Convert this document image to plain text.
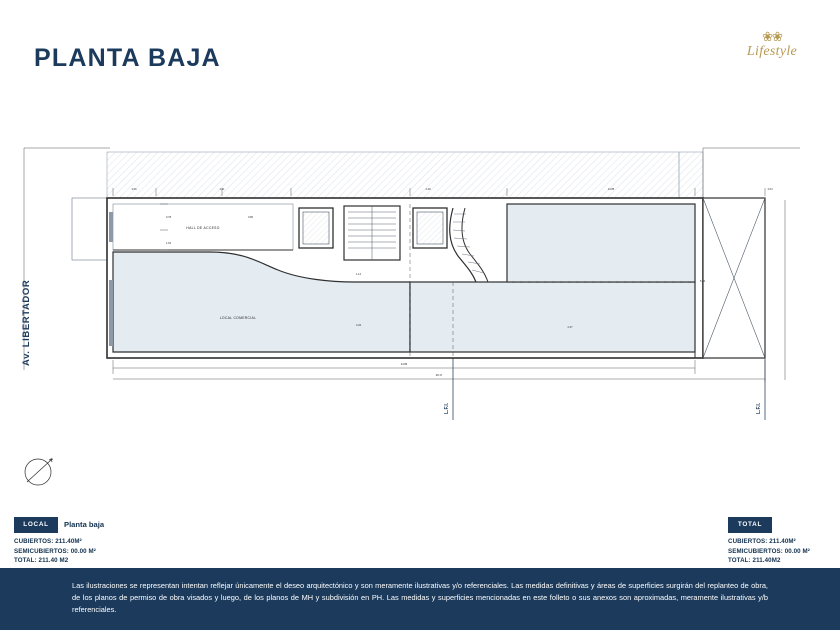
PLANTA BAJA
❀❀
Lifestyle
Av. LIBERTADOR
HALL DE ACCESO
LOCAL COMERCIAL
3.06	1.21	4.28	13.85	4.64
0.78
1.62
1.12
4.02
5.46
0.80
24.86
28.17
2.37
L.F.I.	L.F.I.
LOCAL	Planta baja
CUBIERTOS: 211.40M²
SEMICUBIERTOS: 00.00 M²
TOTAL: 211.40 M2
TOTAL
CUBIERTOS: 211.40M²
SEMICUBIERTOS: 00.00 M²
TOTAL: 211.40M2

Las ilustraciones se representan intentan reflejar únicamente el deseo arquitectónico y son meramente ilustrativas y/o referenciales. Las medidas definitivas y áreas de superficies surgirán del replanteo de obra, de los planos de permiso de obra visados y luego, de los planos de MH y subdivisión en PH. Las medidas y superficies mencionadas en este folleto o sus anexos son aproximadas, meramente ilustrativas y/b referenciales.
